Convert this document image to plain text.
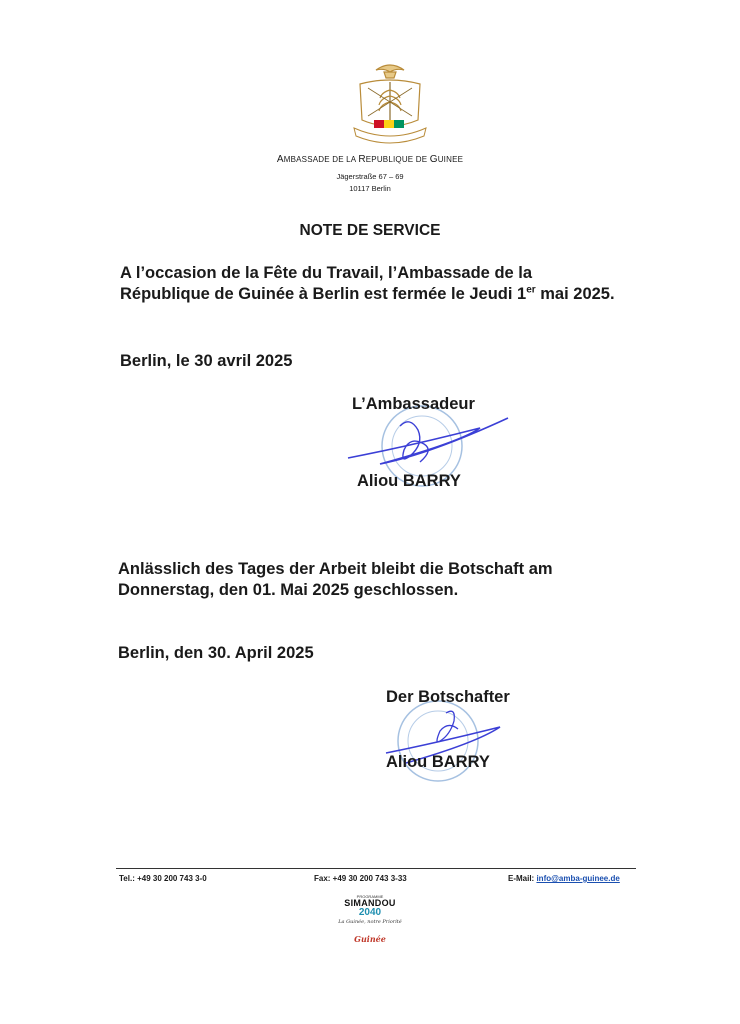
AMBASSADE DE LA REPUBLIQUE DE GUINEE
Jägerstraße 67 – 69
10117 Berlin
NOTE DE SERVICE
A l’occasion de la Fête du Travail, l’Ambassade de la République de Guinée à Berlin est fermée le Jeudi 1er mai 2025.
Berlin, le 30 avril 2025
L’Ambassadeur
Aliou BARRY
Anlässlich des Tages der Arbeit bleibt die Botschaft am Donnerstag, den 01. Mai 2025 geschlossen.
Berlin, den 30. April 2025
Der Botschafter
Aliou BARRY
Tel.: +49 30 200 743 3-0	Fax: +49 30 200 743 3-33	E-Mail: info@amba-guinee.de
PROGRAMME
SIMANDOU
2040
La Guinée, notre Priorité
Guinée
